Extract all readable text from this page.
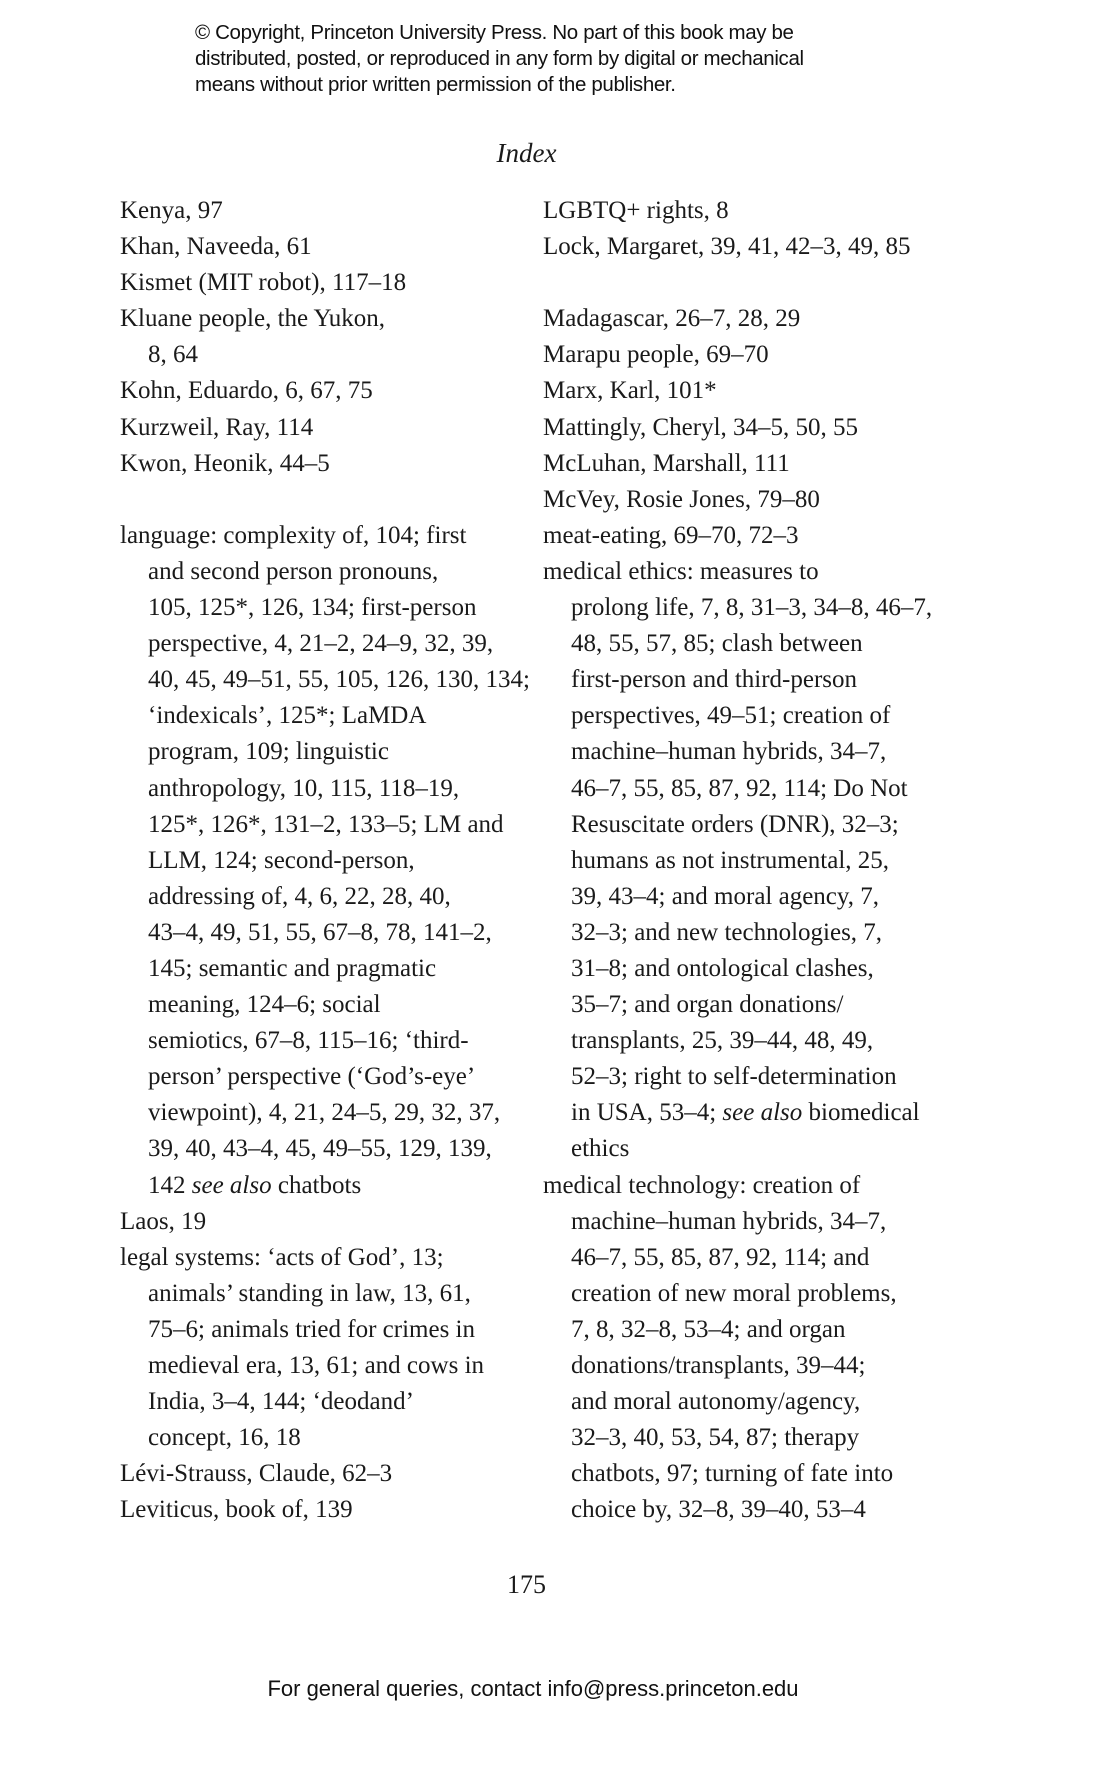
© Copyright, Princeton University Press. No part of this book may be
distributed, posted, or reproduced in any form by digital or mechanical
means without prior written permission of the publisher.
Index
Kenya, 97
Khan, Naveeda, 61
Kismet (MIT robot), 117–18
Kluane people, the Yukon,
8, 64
Kohn, Eduardo, 6, 67, 75
Kurzweil, Ray, 114
Kwon, Heonik, 44–5
language: complexity of, 104; first
and second person pronouns,
105, 125*, 126, 134; first-person
perspective, 4, 21–2, 24–9, 32, 39,
40, 45, 49–51, 55, 105, 126, 130, 134;
‘indexicals’, 125*; LaMDA
program, 109; linguistic
anthropology, 10, 115, 118–19,
125*, 126*, 131–2, 133–5; LM and
LLM, 124; second-person,
addressing of, 4, 6, 22, 28, 40,
43–4, 49, 51, 55, 67–8, 78, 141–2,
145; semantic and pragmatic
meaning, 124–6; social
semiotics, 67–8, 115–16; ‘third-
person’ perspective (‘God’s-eye’
viewpoint), 4, 21, 24–5, 29, 32, 37,
39, 40, 43–4, 45, 49–55, 129, 139,
142 see also chatbots
Laos, 19
legal systems: ‘acts of God’, 13;
animals’ standing in law, 13, 61,
75–6; animals tried for crimes in
medieval era, 13, 61; and cows in
India, 3–4, 144; ‘deodand’
concept, 16, 18
Lévi-Strauss, Claude, 62–3
Leviticus, book of, 139
LGBTQ+ rights, 8
Lock, Margaret, 39, 41, 42–3, 49, 85
Madagascar, 26–7, 28, 29
Marapu people, 69–70
Marx, Karl, 101*
Mattingly, Cheryl, 34–5, 50, 55
McLuhan, Marshall, 111
McVey, Rosie Jones, 79–80
meat-eating, 69–70, 72–3
medical ethics: measures to
prolong life, 7, 8, 31–3, 34–8, 46–7,
48, 55, 57, 85; clash between
first-person and third-person
perspectives, 49–51; creation of
machine–human hybrids, 34–7,
46–7, 55, 85, 87, 92, 114; Do Not
Resuscitate orders (DNR), 32–3;
humans as not instrumental, 25,
39, 43–4; and moral agency, 7,
32–3; and new technologies, 7,
31–8; and ontological clashes,
35–7; and organ donations/
transplants, 25, 39–44, 48, 49,
52–3; right to self-determination
in USA, 53–4; see also biomedical
ethics
medical technology: creation of
machine–human hybrids, 34–7,
46–7, 55, 85, 87, 92, 114; and
creation of new moral problems,
7, 8, 32–8, 53–4; and organ
donations/transplants, 39–44;
and moral autonomy/agency,
32–3, 40, 53, 54, 87; therapy
chatbots, 97; turning of fate into
choice by, 32–8, 39–40, 53–4
175
For general queries, contact info@press.princeton.edu
